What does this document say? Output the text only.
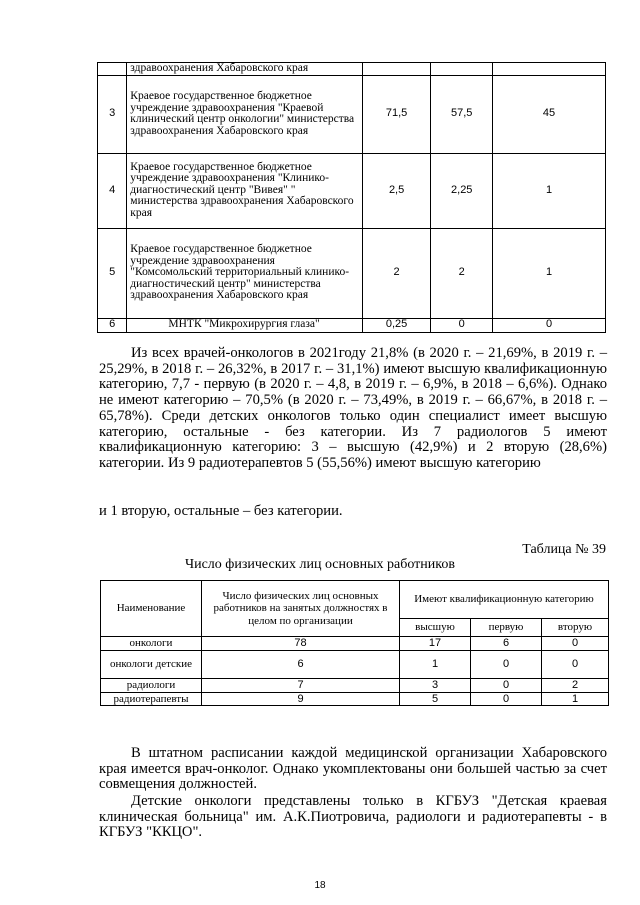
	здравоохранения Хабаровского края			
3	Краевое государственное бюджетное учреждение здравоохранения "Краевой клинический центр онкологии" министерства здравоохранения Хабаровского края	71,5	57,5	45
4	Краевое государственное бюджетное учреждение здравоохранения "Клинико-диагностический центр "Вивея" " министерства здравоохранения Хабаровского края	2,5	2,25	1
5	Краевое государственное бюджетное учреждение здравоохранения "Комсомольский территориальный клинико-диагностический центр" министерства здравоохранения Хабаровского края	2	2	1
6	МНТК "Микрохирургия глаза"	0,25	0	0

Из всех врачей-онкологов в 2021году 21,8% (в 2020 г. – 21,69%, в 2019 г. – 25,29%, в 2018 г. – 26,32%, в 2017 г. – 31,1%) имеют высшую квалификационную категорию, 7,7 - первую (в 2020 г. – 4,8, в 2019 г. – 6,9%, в 2018 – 6,6%). Однако не имеют категорию – 70,5% (в 2020 г. – 73,49%, в 2019 г. – 66,67%, в 2018 г. – 65,78%). Среди детских онкологов только один специалист имеет высшую категорию, остальные - без категории. Из 7 радиологов 5 имеют квалификационную категорию: 3 – высшую (42,9%) и 2 вторую (28,6%) категории. Из 9 радиотерапевтов 5 (55,56%) имеют высшую категорию

и 1 вторую, остальные – без категории.

Таблица № 39
Число физических лиц основных работников
Наименование	Число физических лиц основных работников на занятых должностях в целом по организации	Имеют квалификационную категорию		
		высшую	первую	вторую
онкологи	78	17	6	0
онкологи детские	6	1	0	0
радиологи	7	3	0	2
радиотерапевты	9	5	0	1

В штатном расписании каждой медицинской организации Хабаровского края имеется врач-онколог. Однако укомплектованы они большей частью за счет совмещения должностей.

Детские онкологи представлены только в КГБУЗ "Детская краевая клиническая больница" им. А.К.Пиотровича, радиологи и радиотерапевты - в КГБУЗ "ККЦО".

18
